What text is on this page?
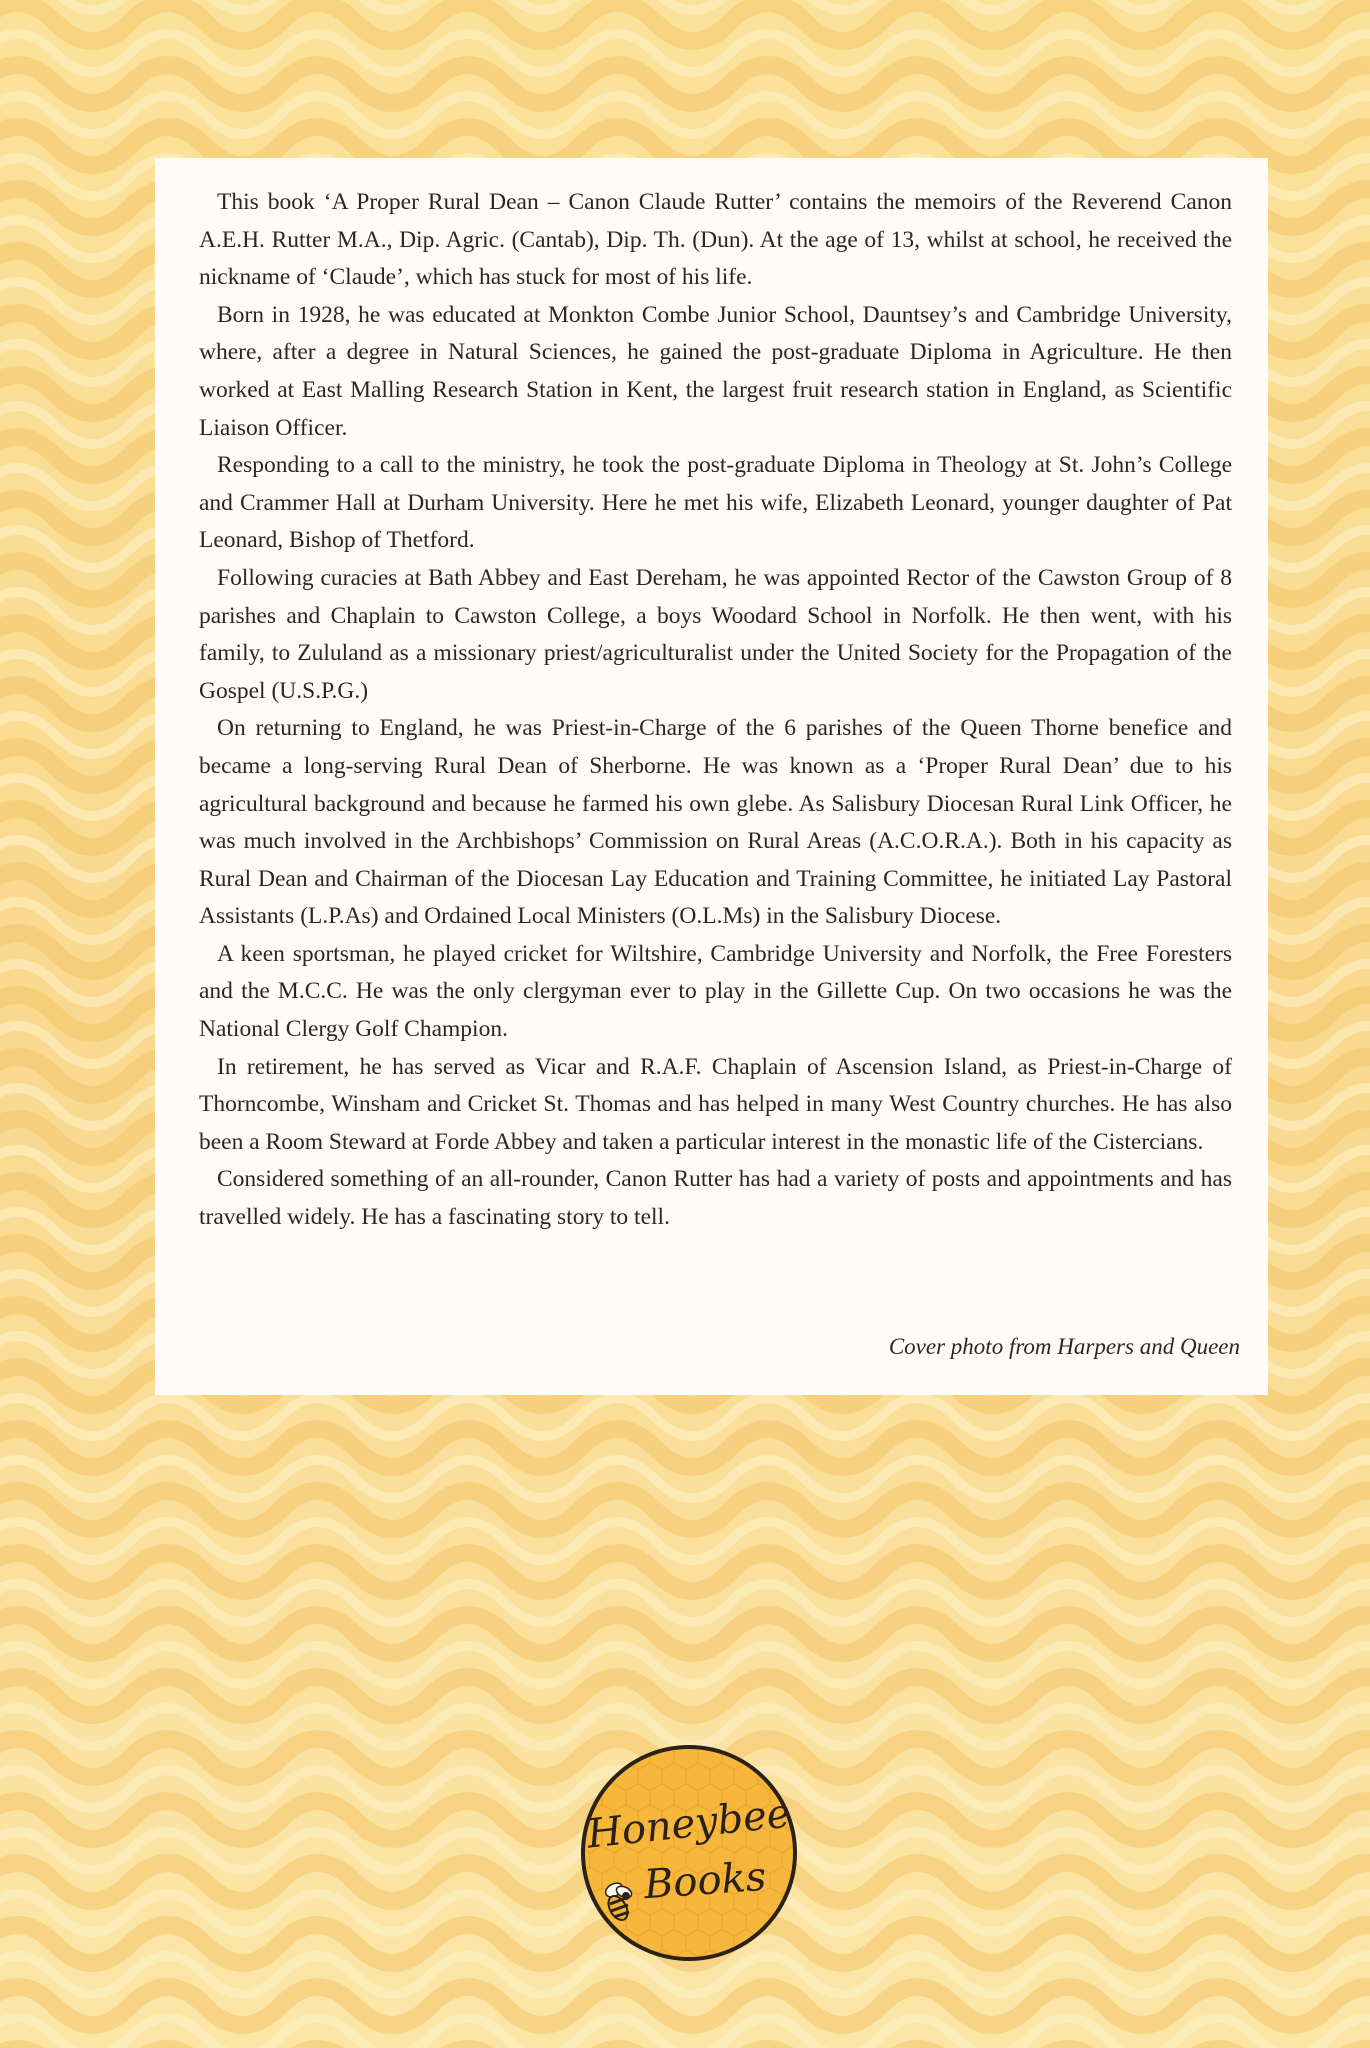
This book ‘A Proper Rural Dean – Canon Claude Rutter’ contains the memoirs of the Reverend Canon A.E.H. Rutter M.A., Dip. Agric. (Cantab), Dip. Th. (Dun). At the age of 13, whilst at school, he received the nickname of ‘Claude’, which has stuck for most of his life.

Born in 1928, he was educated at Monkton Combe Junior School, Dauntsey’s and Cambridge University, where, after a degree in Natural Sciences, he gained the post-graduate Diploma in Agriculture. He then worked at East Malling Research Station in Kent, the largest fruit research station in England, as Scientific Liaison Officer.

Responding to a call to the ministry, he took the post-graduate Diploma in Theology at St. John’s College and Crammer Hall at Durham University. Here he met his wife, Elizabeth Leonard, younger daughter of Pat Leonard, Bishop of Thetford.

Following curacies at Bath Abbey and East Dereham, he was appointed Rector of the Cawston Group of 8 parishes and Chaplain to Cawston College, a boys Woodard School in Norfolk. He then went, with his family, to Zululand as a missionary priest/agriculturalist under the United Society for the Propagation of the Gospel (U.S.P.G.)

On returning to England, he was Priest-in-Charge of the 6 parishes of the Queen Thorne benefice and became a long-serving Rural Dean of Sherborne. He was known as a ‘Proper Rural Dean’ due to his agricultural background and because he farmed his own glebe. As Salisbury Diocesan Rural Link Officer, he was much involved in the Archbishops’ Commission on Rural Areas (A.C.O.R.A.). Both in his capacity as Rural Dean and Chairman of the Diocesan Lay Education and Training Committee, he initiated Lay Pastoral Assistants (L.P.As) and Ordained Local Ministers (O.L.Ms) in the Salisbury Diocese.

A keen sportsman, he played cricket for Wiltshire, Cambridge University and Norfolk, the Free Foresters and the M.C.C. He was the only clergyman ever to play in the Gillette Cup. On two occasions he was the National Clergy Golf Champion.

In retirement, he has served as Vicar and R.A.F. Chaplain of Ascension Island, as Priest-in-Charge of Thorncombe, Winsham and Cricket St. Thomas and has helped in many West Country churches. He has also been a Room Steward at Forde Abbey and taken a particular interest in the monastic life of the Cistercians.

Considered something of an all-rounder, Canon Rutter has had a variety of posts and appointments and has travelled widely. He has a fascinating story to tell.

Cover photo from Harpers and Queen

Honeybee
Books
